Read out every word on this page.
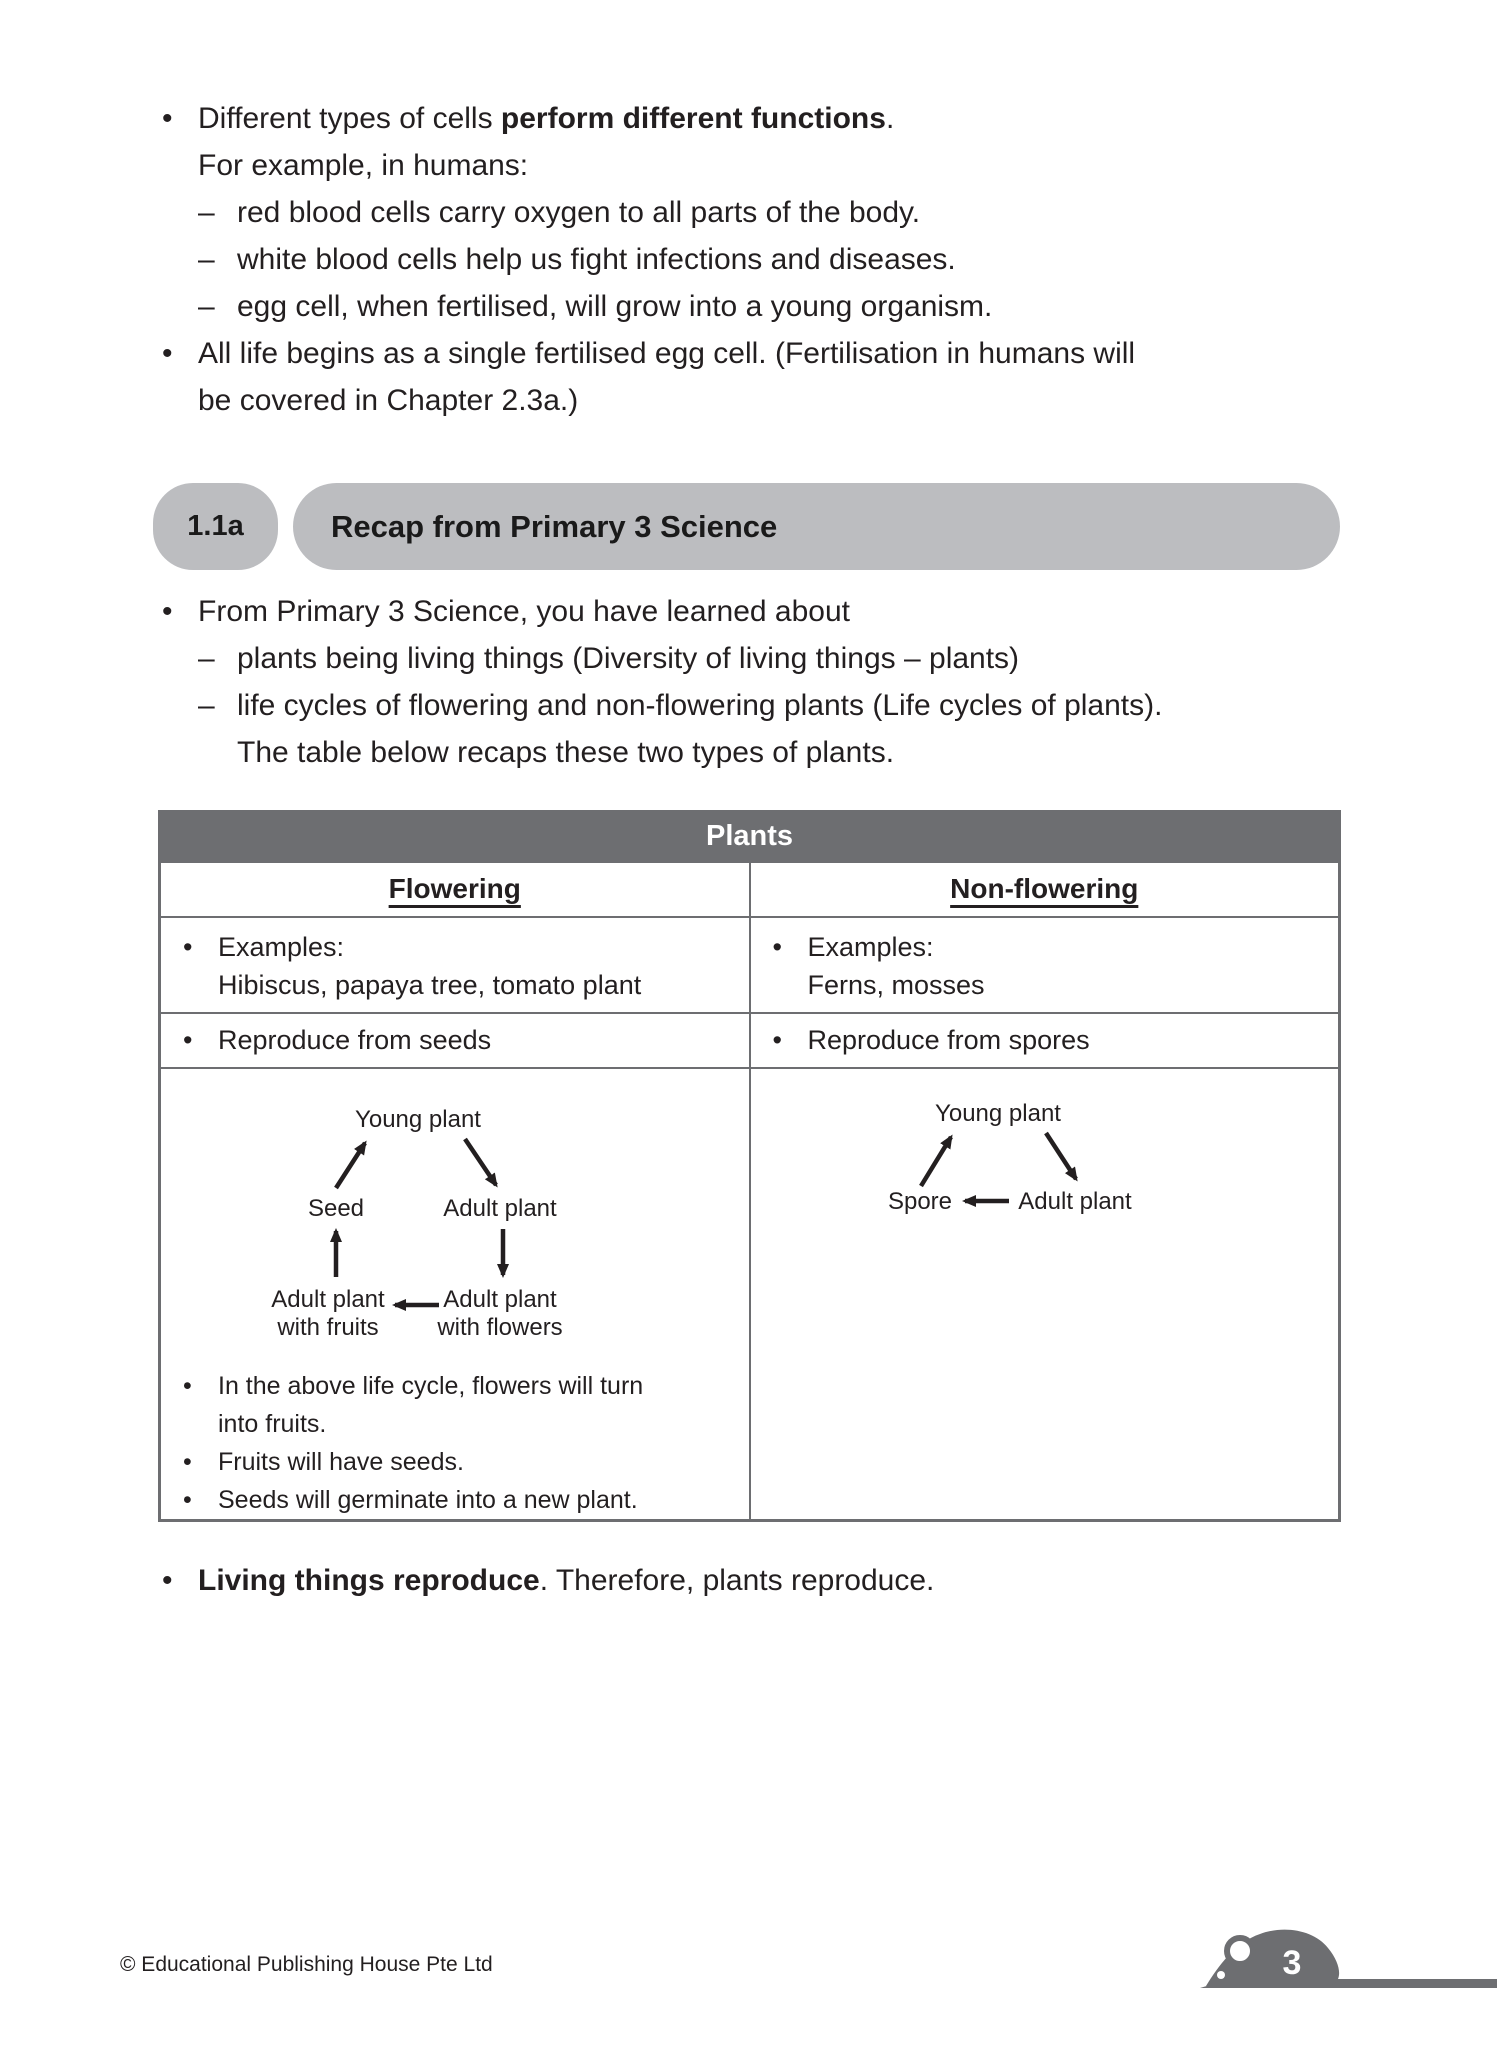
• Different types of cells perform different functions.
For example, in humans:
– red blood cells carry oxygen to all parts of the body.
– white blood cells help us fight infections and diseases.
– egg cell, when fertilised, will grow into a young organism.
• All life begins as a single fertilised egg cell. (Fertilisation in humans will
be covered in Chapter 2.3a.)
1.1a	Recap from Primary 3 Science
• From Primary 3 Science, you have learned about
– plants being living things (Diversity of living things – plants)
– life cycles of flowering and non-flowering plants (Life cycles of plants).
The table below recaps these two types of plants.
Plants	
Flowering	Non-flowering

• Examples:
Hibiscus, papaya tree, tomato plant

• Examples:
Ferns, mosses

• Reproduce from seeds	• Reproduce from spores

Young plant
Seed	Adult plant
Adult plant
with fruits
Adult plant
with flowers
•	In the above life cycle, flowers will turn
into fruits.
•	Fruits will have seeds.
•	Seeds will germinate into a new plant.

Young plant
Spore	Adult plant
• Living things reproduce. Therefore, plants reproduce.
© Educational Publishing House Pte Ltd	3
